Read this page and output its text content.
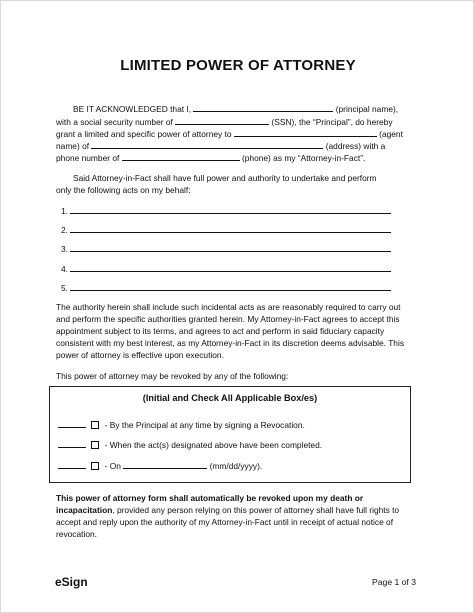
LIMITED POWER OF ATTORNEY
BE IT ACKNOWLEDGED that I,	(principal name),
with a social security number of	(SSN), the “Principal”, do hereby
grant a limited and specific power of attorney to	(agent
name) of	(address) with a
phone number of	(phone) as my “Attorney-in-Fact”.
Said Attorney-in-Fact shall have full power and authority to undertake and perform
only the following acts on my behalf:
1.
2.
3.
4.
5.
The authority herein shall include such incidental acts as are reasonably required to carry out
and perform the specific authorities granted herein. My Attorney-in-Fact agrees to accept this
appointment subject to its terms, and agrees to act and perform in said fiduciary capacity
consistent with my best interest, as my Attorney-in-Fact in its discretion deems advisable. This
power of attorney is effective upon execution.
This power of attorney may be revoked by any of the following:
(Initial and Check All Applicable Box/es)
- By the Principal at any time by signing a Revocation.
- When the act(s) designated above have been completed.
- On	(mm/dd/yyyy).
This power of attorney form shall automatically be revoked upon my death or
incapacitation, provided any person relying on this power of attorney shall have full rights to
accept and reply upon the authority of my Attorney-in-Fact until in receipt of actual notice of
revocation.
eSign	Page 1 of 3
